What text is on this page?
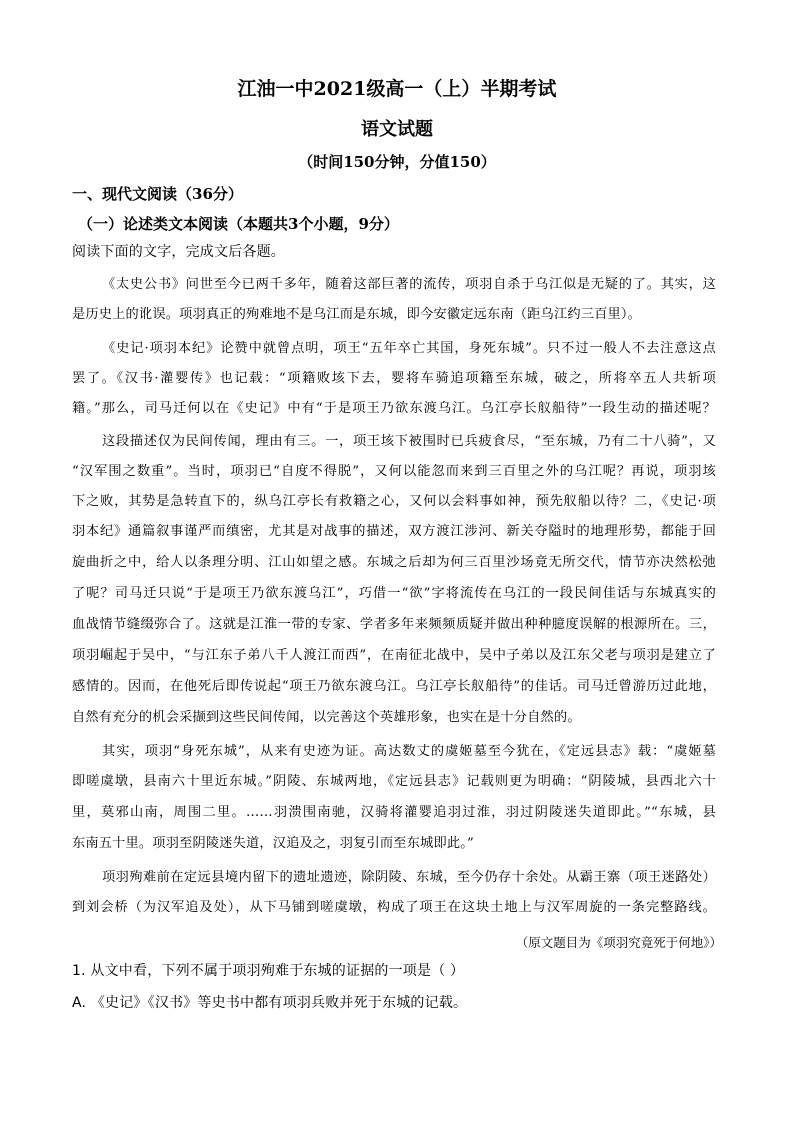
江油一中2021级高一（上）半期考试
语文试题
（时间150分钟，分值150）
一、现代文阅读（36分）
（一）论述类文本阅读（本题共3个小题，9分）
阅读下面的文字，完成文后各题。
《太史公书》问世至今已两千多年，随着这部巨著的流传，项羽自杀于乌江似是无疑的了。其实，这
是历史上的讹误。项羽真正的殉难地不是乌江而是东城，即今安徽定远东南（距乌江约三百里）。
《史记·项羽本纪》论赞中就曾点明，项王“五年卒亡其国，身死东城”。只不过一般人不去注意这点
罢了。《汉书·灌婴传》也记载：“项籍败垓下去，婴将车骑追项籍至东城，破之，所将卒五人共斩项
籍。”那么，司马迁何以在《史记》中有“于是项王乃欲东渡乌江。乌江亭长舣船待”一段生动的描述呢？
这段描述仅为民间传闻，理由有三。一，项王垓下被围时已兵疲食尽，“至东城，乃有二十八骑”，又
“汉军围之数重”。当时，项羽已“自度不得脱”，又何以能忽而来到三百里之外的乌江呢？再说，项羽垓
下之败，其势是急转直下的，纵乌江亭长有救籍之心，又何以会料事如神，预先舣船以待？二，《史记·项
羽本纪》通篇叙事谨严而缜密，尤其是对战事的描述，双方渡江涉河、新关夺隘时的地理形势，都能于回
旋曲折之中，给人以条理分明、江山如望之感。东城之后却为何三百里沙场竟无所交代，情节亦决然松弛
了呢？司马迁只说“于是项王乃欲东渡乌江”，巧借一“欲”字将流传在乌江的一段民间佳话与东城真实的
血战情节缝缀弥合了。这就是江淮一带的专家、学者多年来频频质疑并做出种种臆度误解的根源所在。三，
项羽崛起于吴中，“与江东子弟八千人渡江而西”，在南征北战中，吴中子弟以及江东父老与项羽是建立了
感情的。因而，在他死后即传说起“项王乃欲东渡乌江。乌江亭长舣船待”的佳话。司马迁曾游历过此地，
自然有充分的机会采撷到这些民间传闻，以完善这个英雄形象，也实在是十分自然的。
其实，项羽“身死东城”，从来有史迹为证。高达数丈的虞姬墓至今犹在，《定远县志》载：“虞姬墓
即嗟虞墩，县南六十里近东城。”阴陵、东城两地，《定远县志》记载则更为明确：“阴陵城，县西北六十
里，莫邪山南，周围二里。……羽溃围南驰，汉骑将灌婴追羽过淮，羽过阴陵迷失道即此。”“东城，县
东南五十里。项羽至阴陵迷失道，汉追及之，羽复引而至东城即此。”
项羽殉难前在定远县境内留下的遗址遗迹，除阴陵、东城，至今仍存十余处。从霸王寨（项王迷路处）
到刘会桥（为汉军追及处），从下马铺到嗟虞墩，构成了项王在这块土地上与汉军周旋的一条完整路线。
（原文题目为《项羽究竟死于何地》）
1. 从文中看，下列不属于项羽殉难于东城的证据的一项是（ ）
A. 《史记》《汉书》等史书中都有项羽兵败并死于东城的记载。
